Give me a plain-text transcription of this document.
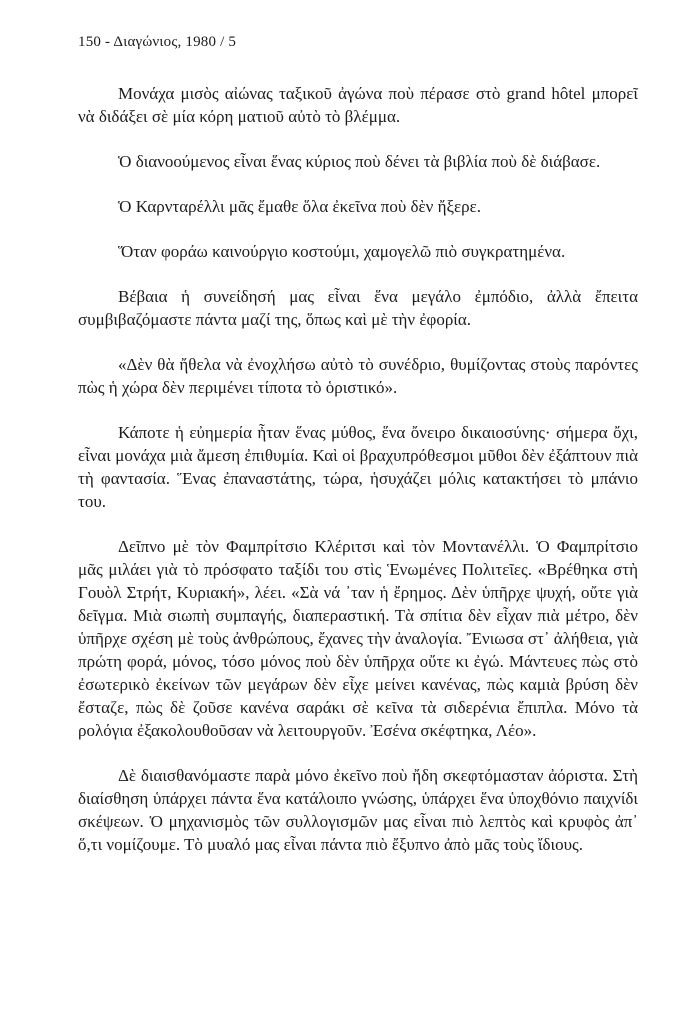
150 - Διαγώνιος, 1980 / 5

Μονάχα μισὸς αἰώνας ταξικοῦ ἀγώνα ποὺ πέρασε στὸ grand hôtel μπορεῖ νὰ διδάξει σὲ μία κόρη ματιοῦ αὐτὸ τὸ βλέμμα.

Ὁ διανοούμενος εἶναι ἕνας κύριος ποὺ δένει τὰ βιβλία ποὺ δὲ διάβασε.

Ὁ Καρνταρέλλι μᾶς ἔμαθε ὅλα ἐκεῖνα ποὺ δὲν ἤξερε.

Ὅταν φοράω καινούργιο κοστούμι, χαμογελῶ πιὸ συγκρατημένα.

Βέβαια ἡ συνείδησή μας εἶναι ἕνα μεγάλο ἐμπόδιο, ἀλλὰ ἔπειτα συμβιβαζόμαστε πάντα μαζί της, ὅπως καὶ μὲ τὴν ἐφορία.

«Δὲν θὰ ἤθελα νὰ ἐνοχλήσω αὐτὸ τὸ συνέδριο, θυμίζοντας στοὺς παρόντες πὼς ἡ χώρα δὲν περιμένει τίποτα τὸ ὁριστικό».

Κάποτε ἡ εὐημερία ἦταν ἕνας μύθος, ἕνα ὄνειρο δικαιοσύνης· σήμερα ὄχι, εἶναι μονάχα μιὰ ἄμεση ἐπιθυμία. Καὶ οἱ βραχυπρόθεσμοι μῦθοι δὲν ἐξάπτουν πιὰ τὴ φαντασία. Ἕνας ἐπαναστάτης, τώρα, ἡσυχάζει μόλις κατακτήσει τὸ μπάνιο του.

Δεῖπνο μὲ τὸν Φαμπρίτσιο Κλέριτσι καὶ τὸν Μοντανέλλι. Ὁ Φαμπρίτσιο μᾶς μιλάει γιὰ τὸ πρόσφατο ταξίδι του στὶς Ἑνωμένες Πολιτεῖες. «Βρέθηκα στὴ Γουὸλ Στρήτ, Κυριακή», λέει. «Σὰ νά ᾽ταν ἡ ἔρημος. Δὲν ὑπῆρχε ψυχή, οὔτε γιὰ δεῖγμα. Μιὰ σιωπὴ συμπαγής, διαπεραστική. Τὰ σπίτια δὲν εἶχαν πιὰ μέτρο, δὲν ὑπῆρχε σχέση μὲ τοὺς ἀνθρώπους, ἔχανες τὴν ἀναλογία. Ἔνιωσα στ᾽ ἀλήθεια, γιὰ πρώτη φορά, μόνος, τόσο μόνος ποὺ δὲν ὑπῆρχα οὔτε κι ἐγώ. Μάντευες πὼς στὸ ἐσωτερικὸ ἐκείνων τῶν μεγάρων δὲν εἶχε μείνει κανένας, πὼς καμιὰ βρύση δὲν ἔσταζε, πὼς δὲ ζοῦσε κανένα σαράκι σὲ κεῖνα τὰ σιδερένια ἔπιπλα. Μόνο τὰ ρολόγια ἐξακολουθοῦσαν νὰ λειτουργοῦν. Ἐσένα σκέφτηκα, Λέο».

Δὲ διαισθανόμαστε παρὰ μόνο ἐκεῖνο ποὺ ἤδη σκεφτόμασταν ἀόριστα. Στὴ διαίσθηση ὑπάρχει πάντα ἕνα κατάλοιπο γνώσης, ὑπάρχει ἕνα ὑποχθόνιο παιχνίδι σκέψεων. Ὁ μηχανισμὸς τῶν συλλογισμῶν μας εἶναι πιὸ λεπτὸς καὶ κρυφὸς ἀπ᾽ ὅ,τι νομίζουμε. Τὸ μυαλό μας εἶναι πάντα πιὸ ἔξυπνο ἀπὸ μᾶς τοὺς ἴδιους.
